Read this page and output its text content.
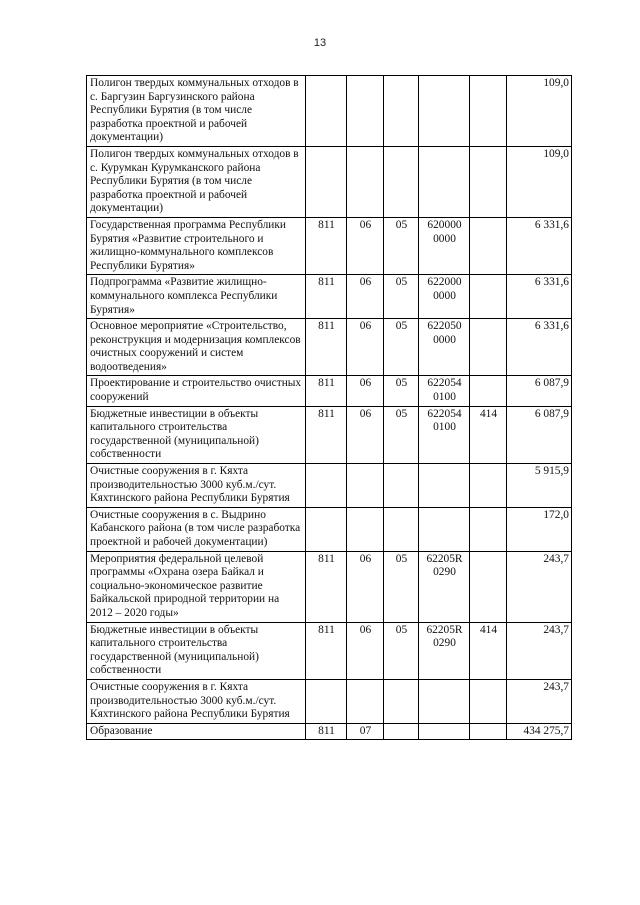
13
Полигон твердых коммунальных отходов в с. Баргузин Баргузинского района Республики Бурятия (в том числе разработка проектной и рабочей документации)						109,0
Полигон твердых коммунальных отходов в с. Курумкан Курумканского района Республики Бурятия (в том числе разработка проектной и рабочей документации)						109,0
Государственная программа Республики Бурятия «Развитие строительного и жилищно-коммунального комплексов Республики Бурятия»	811	06	05	620000 0000		6 331,6
Подпрограмма «Развитие жилищно-коммунального комплекса Республики Бурятия»	811	06	05	622000 0000		6 331,6
Основное мероприятие «Строительство, реконструкция и модернизация комплексов очистных сооружений и систем водоотведения»	811	06	05	622050 0000		6 331,6
Проектирование и строительство очистных сооружений	811	06	05	622054 0100		6 087,9
Бюджетные инвестиции в объекты капитального строительства государственной (муниципальной) собственности	811	06	05	622054 0100	414	6 087,9
Очистные сооружения в г. Кяхта производительностью 3000 куб.м./сут. Кяхтинского района Республики Бурятия						5 915,9
Очистные сооружения в с. Выдрино Кабанского района (в том числе разработка проектной и рабочей документации)						172,0
Мероприятия федеральной целевой программы «Охрана озера Байкал и социально-экономическое развитие Байкальской природной территории на 2012 – 2020 годы»	811	06	05	62205R 0290		243,7
Бюджетные инвестиции в объекты капитального строительства государственной (муниципальной) собственности	811	06	05	62205R 0290	414	243,7
Очистные сооружения в г. Кяхта производительностью 3000 куб.м./сут. Кяхтинского района Республики Бурятия						243,7
Образование	811	07				434 275,7
